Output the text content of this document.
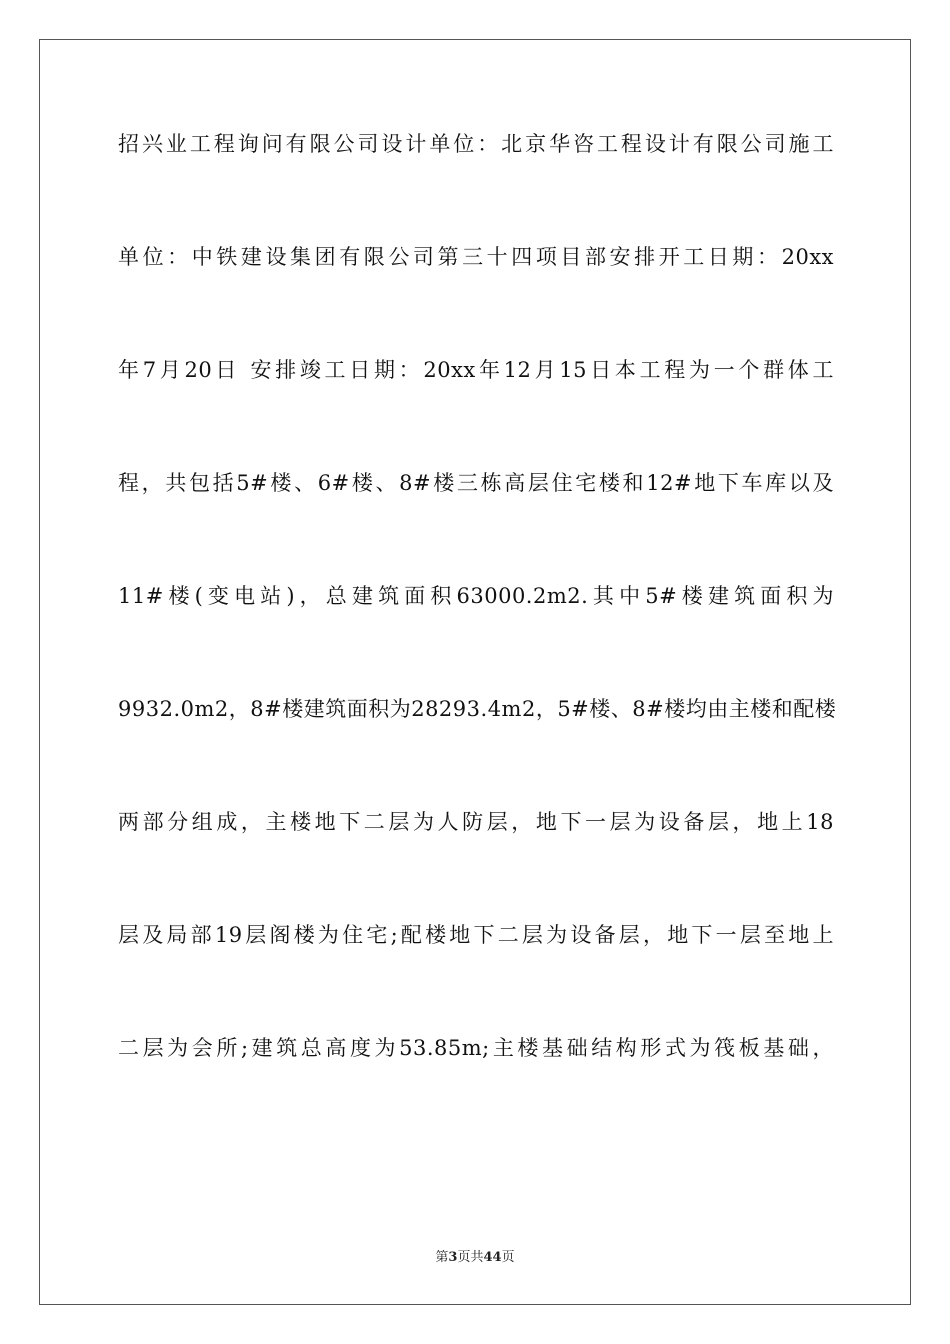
招兴业工程询问有限公司设计单位：北京华咨工程设计有限公司施工
单位：中铁建设集团有限公司第三十四项目部安排开工日期：20xx
年7月20日 安排竣工日期：20xx年12月15日本工程为一个群体工
程，共包括5#楼、6#楼、8#楼三栋高层住宅楼和12#地下车库以及
11#楼(变电站)，总建筑面积63000.2m2.其中5#楼建筑面积为
9932.0m2，8#楼建筑面积为28293.4m2，5#楼、8#楼均由主楼和配楼
两部分组成，主楼地下二层为人防层，地下一层为设备层，地上18
层及局部19层阁楼为住宅;配楼地下二层为设备层，地下一层至地上
二层为会所;建筑总高度为53.85m;主楼基础结构形式为筏板基础，
第3页共44页
